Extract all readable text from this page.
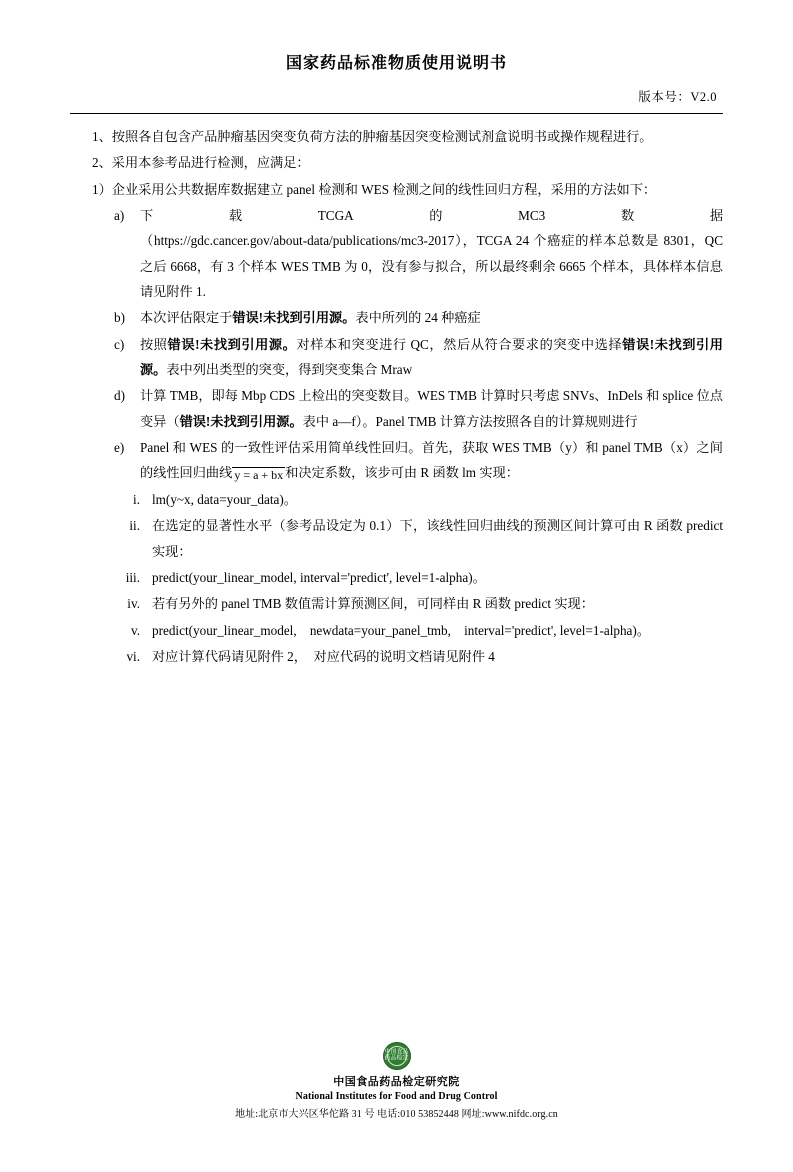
国家药品标准物质使用说明书
版本号：V2.0
1、按照各自包含产品肿瘤基因突变负荷方法的肿瘤基因突变检测试剂盒说明书或操作规程进行。
2、采用本参考品进行检测，应满足：
1）企业采用公共数据库数据建立 panel 检测和 WES 检测之间的线性回归方程，采用的方法如下：
a)	下	载	TCGA	的	MC3	数	据
（https://gdc.cancer.gov/about-data/publications/mc3-2017），TCGA 24 个癌症的样本总数是 8301，QC 之后 6668，有 3 个样本 WES TMB 为 0，没有参与拟合，所以最终剩余 6665 个样本，具体样本信息请见附件 1.
b)	本次评估限定于错误!未找到引用源。表中所列的 24 种癌症
c)	按照错误!未找到引用源。对样本和突变进行 QC，然后从符合要求的突变中选择错误!未找到引用源。表中列出类型的突变，得到突变集合 Mraw
d)	计算 TMB，即每 Mbp CDS 上检出的突变数目。WES TMB 计算时只考虑 SNVs、InDels 和 splice 位点变异（错误!未找到引用源。表中 a—f）。Panel TMB 计算方法按照各自的计算规则进行
e)	Panel 和 WES 的一致性评估采用简单线性回归。首先，获取 WES TMB（y）和 panel TMB（x）之间的线性回归曲线 y = a + bx 和决定系数，该步可由 R 函数 lm 实现：
i. lm(y~x, data=your_data)。
ii. 在选定的显著性水平（参考品设定为 0.1）下，该线性回归曲线的预测区间计算可由 R 函数 predict 实现：
iii. predict(your_linear_model, interval='predict', level=1-alpha)。
iv. 若有另外的 panel TMB 数值需计算预测区间，可同样由 R 函数 predict 实现：
v. predict(your_linear_model,　newdata=your_panel_tmb,　interval='predict', level=1-alpha)。
vi. 对应计算代码请见附件 2，　对应代码的说明文档请见附件 4
中国食品
药品检定
中国食品药品检定研究院
National Institutes for Food and Drug Control
地址:北京市大兴区华佗路 31 号 电话:010 53852448 网址:www.nifdc.org.cn
